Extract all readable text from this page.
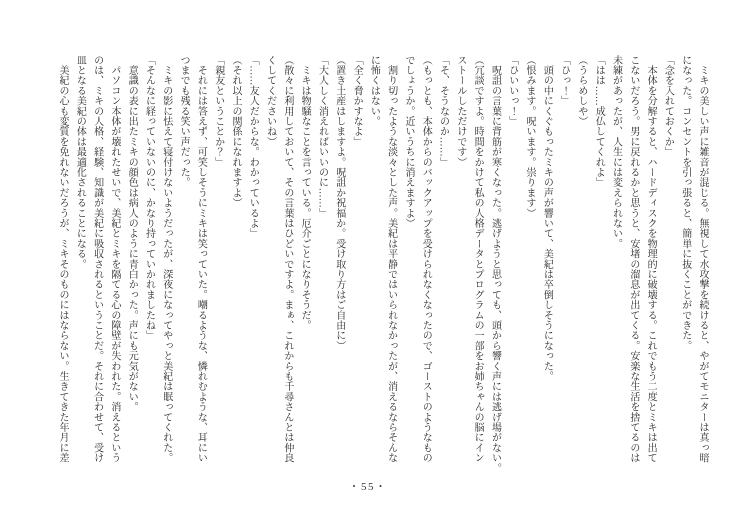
　ミキの美しい声に雑音が混じる。無視して水攻撃を続けると、やがてモニターは真っ暗
になった。コンセントを引っ張ると、簡単に抜くことができた。
「念を入れておくか」
　本体を分解すると、ハードディスクを物理的に破壊する。これでもう二度とミキは出て
こないだろう。男に戻れるかと思うと、安堵の溜息が出てくる。安楽な生活を捨てるのは
未練があったが、人生には変えられない。
「はは……成仏してくれよ」
（うらめしや）
「ひっ！」
　頭の中にくぐもったミキの声が響いて、美紀は卒倒しそうになった。
（恨みます。呪います。祟ります）
「ひいいっ！」
　呪詛の言葉に背筋が寒くなった。逃げようと思っても、頭から響く声には逃げ場がない。
（冗談ですよ。時間をかけて私の人格データとプログラムの一部をお姉ちゃんの脳にイン
ストールしただけです）
「そ、そうなのか……」
（もっとも、本体からのバックアップを受けられなくなったので、ゴーストのようなもの
でしょうか。近いうちに消えますよ）
　割り切ったような淡々とした声。美紀は平静ではいられなかったが、消えるならそんな
に怖くはない。
「全く脅かすなよ」
（置き土産はしますよ。呪詛か祝福か。受け取り方はご自由に）
「大人しく消えればいいのに……」
　ミキは物騒なことを言っている。厄介ごとになりそうだ。
（散々に利用しておいて、その言葉はひどいですよ。まぁ、これからも千尋さんとは仲良
くしてくださいね）
「……友人だからな。わかっているよ」
（それ以上の関係になれますよ）
「親友ということか？」
　それには答えず、可笑しそうにミキは笑っていた。嘲るような、憐れむような、耳にい
つまでも残る笑い声だった。
　ミキの影に怯えて寝付けないようだったが、深夜になってやっと美紀は眠ってくれた。
「そんなに経っていないのに、かなり持っていかれましたね」
　意識の表に出たミキの顔色は病人のように青白かった。声にも元気がない。
　パソコン本体が壊れたせいで、美紀とミキを隔てる心の障壁が失われた。消えるという
のは、ミキの人格、経験、知識が美紀に吸収されるということだ。それに合わせて、受け
皿となる美紀の体は最適化されることになる。
　美紀の心も変質を免れないだろうが、ミキそのものにはならない。生きてきた年月に差
・55・
